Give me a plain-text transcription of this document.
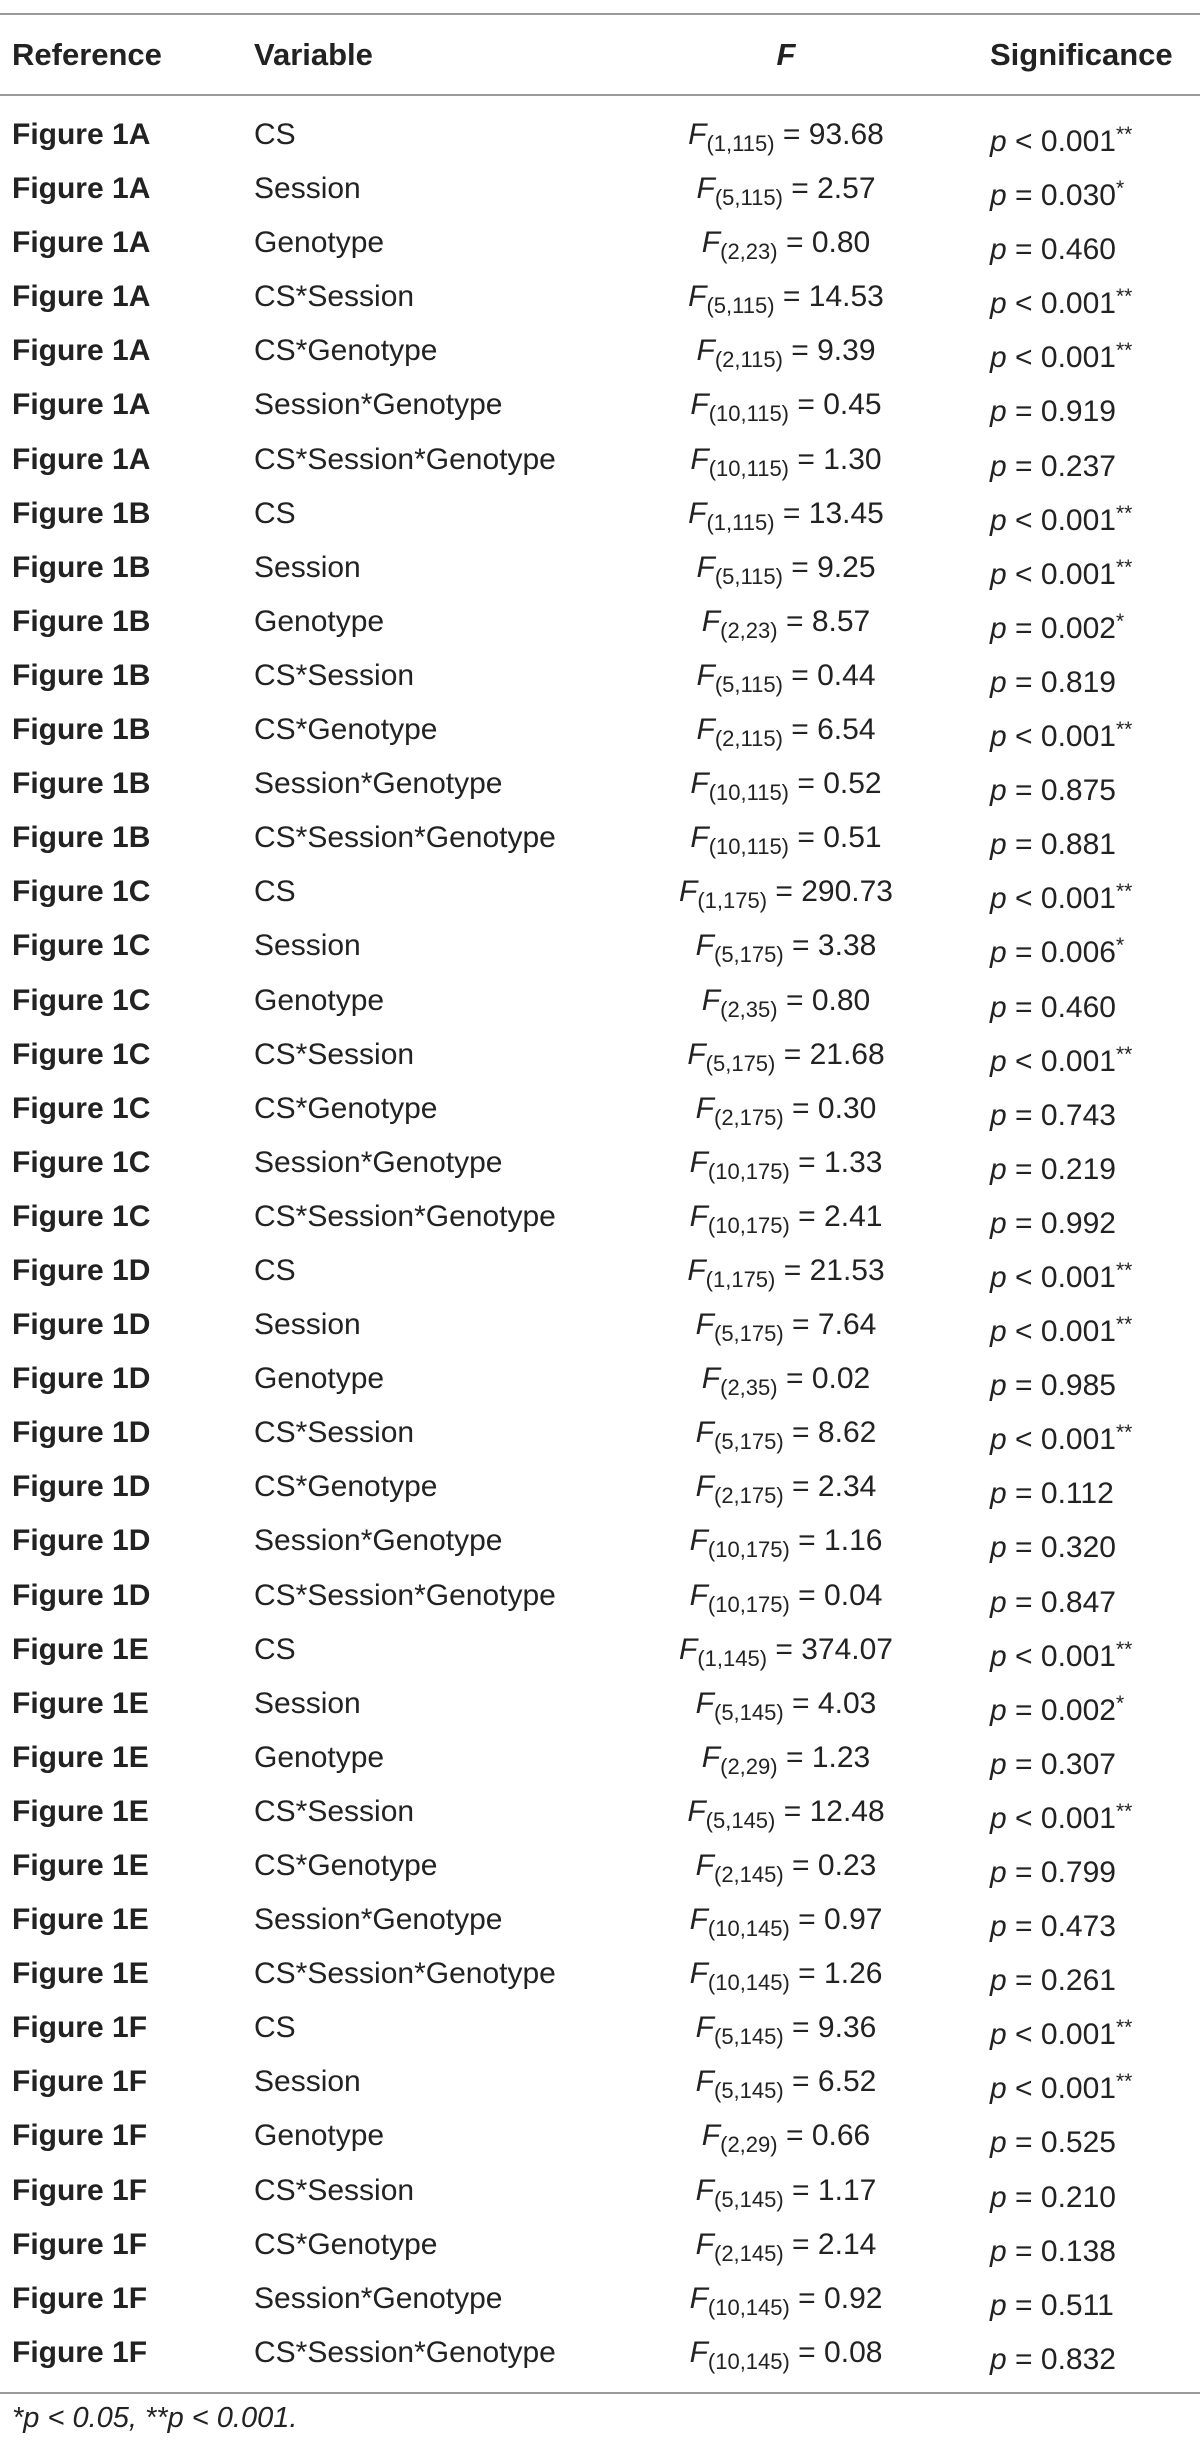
Reference	Variable	F	Significance
Figure 1A	CS	$F_{(1,115)} = 93.68$	p < 0.001**
Figure 1A	Session	$F_{(5,115)} = 2.57$	p = 0.030*
Figure 1A	Genotype	$F_{(2,23)} = 0.80$	p = 0.460
Figure 1A	CS*Session	$F_{(5,115)} = 14.53$	p < 0.001**
Figure 1A	CS*Genotype	$F_{(2,115)} = 9.39$	p < 0.001**
Figure 1A	Session*Genotype	$F_{(10,115)} = 0.45$	p = 0.919
Figure 1A	CS*Session*Genotype	$F_{(10,115)} = 1.30$	p = 0.237
Figure 1B	CS	$F_{(1,115)} = 13.45$	p < 0.001**
Figure 1B	Session	$F_{(5,115)} = 9.25$	p < 0.001**
Figure 1B	Genotype	$F_{(2,23)} = 8.57$	p = 0.002*
Figure 1B	CS*Session	$F_{(5,115)} = 0.44$	p = 0.819
Figure 1B	CS*Genotype	$F_{(2,115)} = 6.54$	p < 0.001**
Figure 1B	Session*Genotype	$F_{(10,115)} = 0.52$	p = 0.875
Figure 1B	CS*Session*Genotype	$F_{(10,115)} = 0.51$	p = 0.881
Figure 1C	CS	$F_{(1,175)} = 290.73$	p < 0.001**
Figure 1C	Session	$F_{(5,175)} = 3.38$	p = 0.006*
Figure 1C	Genotype	$F_{(2,35)} = 0.80$	p = 0.460
Figure 1C	CS*Session	$F_{(5,175)} = 21.68$	p < 0.001**
Figure 1C	CS*Genotype	$F_{(2,175)} = 0.30$	p = 0.743
Figure 1C	Session*Genotype	$F_{(10,175)} = 1.33$	p = 0.219
Figure 1C	CS*Session*Genotype	$F_{(10,175)} = 2.41$	p = 0.992
Figure 1D	CS	$F_{(1,175)} = 21.53$	p < 0.001**
Figure 1D	Session	$F_{(5,175)} = 7.64$	p < 0.001**
Figure 1D	Genotype	$F_{(2,35)} = 0.02$	p = 0.985
Figure 1D	CS*Session	$F_{(5,175)} = 8.62$	p < 0.001**
Figure 1D	CS*Genotype	$F_{(2,175)} = 2.34$	p = 0.112
Figure 1D	Session*Genotype	$F_{(10,175)} = 1.16$	p = 0.320
Figure 1D	CS*Session*Genotype	$F_{(10,175)} = 0.04$	p = 0.847
Figure 1E	CS	$F_{(1,145)} = 374.07$	p < 0.001**
Figure 1E	Session	$F_{(5,145)} = 4.03$	p = 0.002*
Figure 1E	Genotype	$F_{(2,29)} = 1.23$	p = 0.307
Figure 1E	CS*Session	$F_{(5,145)} = 12.48$	p < 0.001**
Figure 1E	CS*Genotype	$F_{(2,145)} = 0.23$	p = 0.799
Figure 1E	Session*Genotype	$F_{(10,145)} = 0.97$	p = 0.473
Figure 1E	CS*Session*Genotype	$F_{(10,145)} = 1.26$	p = 0.261
Figure 1F	CS	$F_{(5,145)} = 9.36$	p < 0.001**
Figure 1F	Session	$F_{(5,145)} = 6.52$	p < 0.001**
Figure 1F	Genotype	$F_{(2,29)} = 0.66$	p = 0.525
Figure 1F	CS*Session	$F_{(5,145)} = 1.17$	p = 0.210
Figure 1F	CS*Genotype	$F_{(2,145)} = 2.14$	p = 0.138
Figure 1F	Session*Genotype	$F_{(10,145)} = 0.92$	p = 0.511
Figure 1F	CS*Session*Genotype	$F_{(10,145)} = 0.08$	p = 0.832
*p < 0.05, **p < 0.001.
